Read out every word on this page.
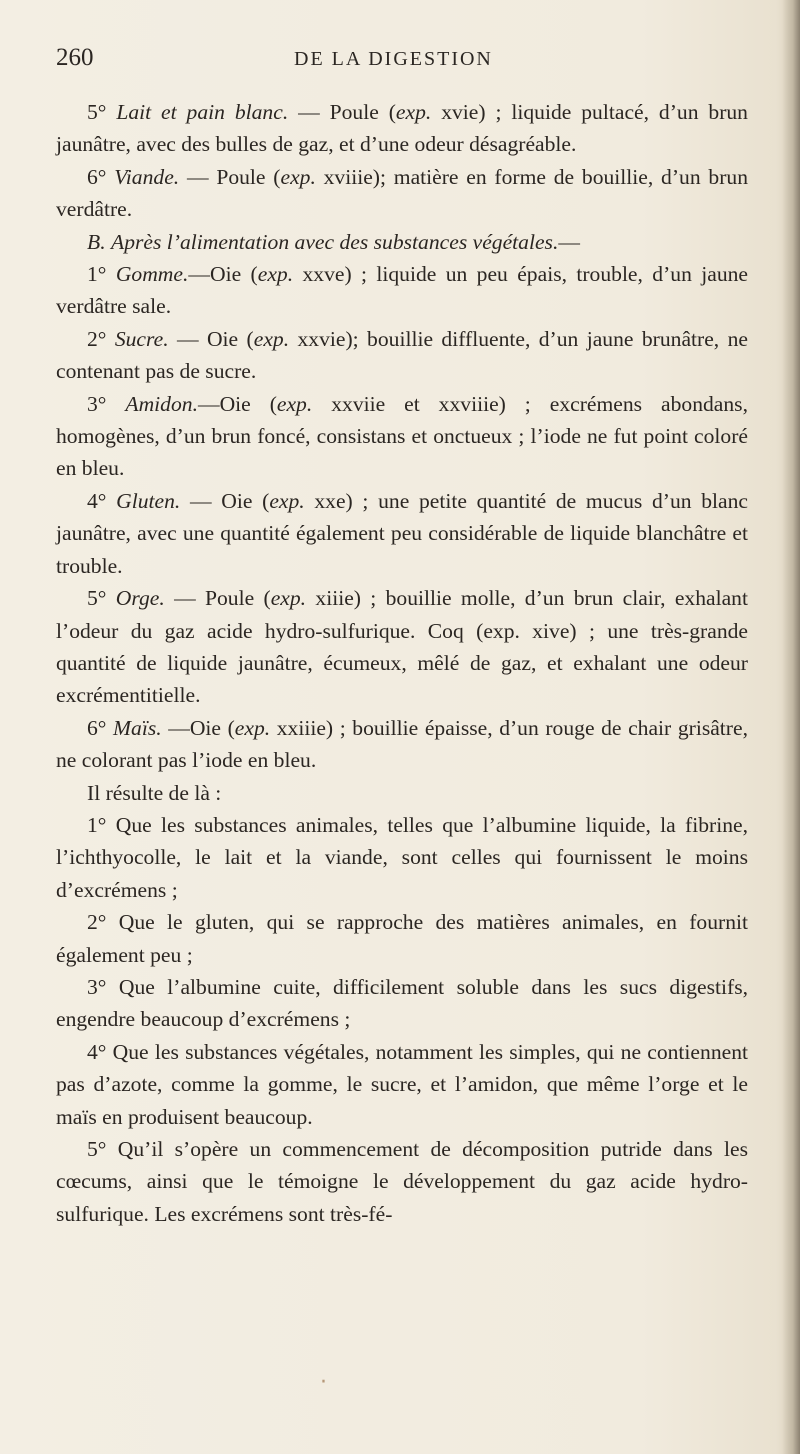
260	DE LA DIGESTION

5° Lait et pain blanc. — Poule (exp. xvie) ; liquide pultacé, d’un brun jaunâtre, avec des bulles de gaz, et d’une odeur désagréable.

6° Viande. — Poule (exp. xviiie); matière en forme de bouillie, d’un brun verdâtre.

B. Après l’alimentation avec des substances végétales.—

1° Gomme.—Oie (exp. xxve) ; liquide un peu épais, trouble, d’un jaune verdâtre sale.

2° Sucre. — Oie (exp. xxvie); bouillie diffluente, d’un jaune brunâtre, ne contenant pas de sucre.

3° Amidon.—Oie (exp. xxviie et xxviiie) ; excrémens abondans, homogènes, d’un brun foncé, consistans et onctueux ; l’iode ne fut point coloré en bleu.

4° Gluten. — Oie (exp. xxe) ; une petite quantité de mucus d’un blanc jaunâtre, avec une quantité également peu considérable de liquide blanchâtre et trouble.

5° Orge. — Poule (exp. xiiie) ; bouillie molle, d’un brun clair, exhalant l’odeur du gaz acide hydro-sulfurique. Coq (exp. xive) ; une très-grande quantité de liquide jaunâtre, écumeux, mêlé de gaz, et exhalant une odeur excrémentitielle.

6° Maïs. —Oie (exp. xxiiie) ; bouillie épaisse, d’un rouge de chair grisâtre, ne colorant pas l’iode en bleu.

Il résulte de là :

1° Que les substances animales, telles que l’albumine liquide, la fibrine, l’ichthyocolle, le lait et la viande, sont celles qui fournissent le moins d’excrémens ;

2° Que le gluten, qui se rapproche des matières animales, en fournit également peu ;

3° Que l’albumine cuite, difficilement soluble dans les sucs digestifs, engendre beaucoup d’excrémens ;

4° Que les substances végétales, notamment les simples, qui ne contiennent pas d’azote, comme la gomme, le sucre, et l’amidon, que même l’orge et le maïs en produisent beaucoup.

5° Qu’il s’opère un commencement de décomposition putride dans les cœcums, ainsi que le témoigne le développement du gaz acide hydro-sulfurique. Les excrémens sont très-fé-

·
